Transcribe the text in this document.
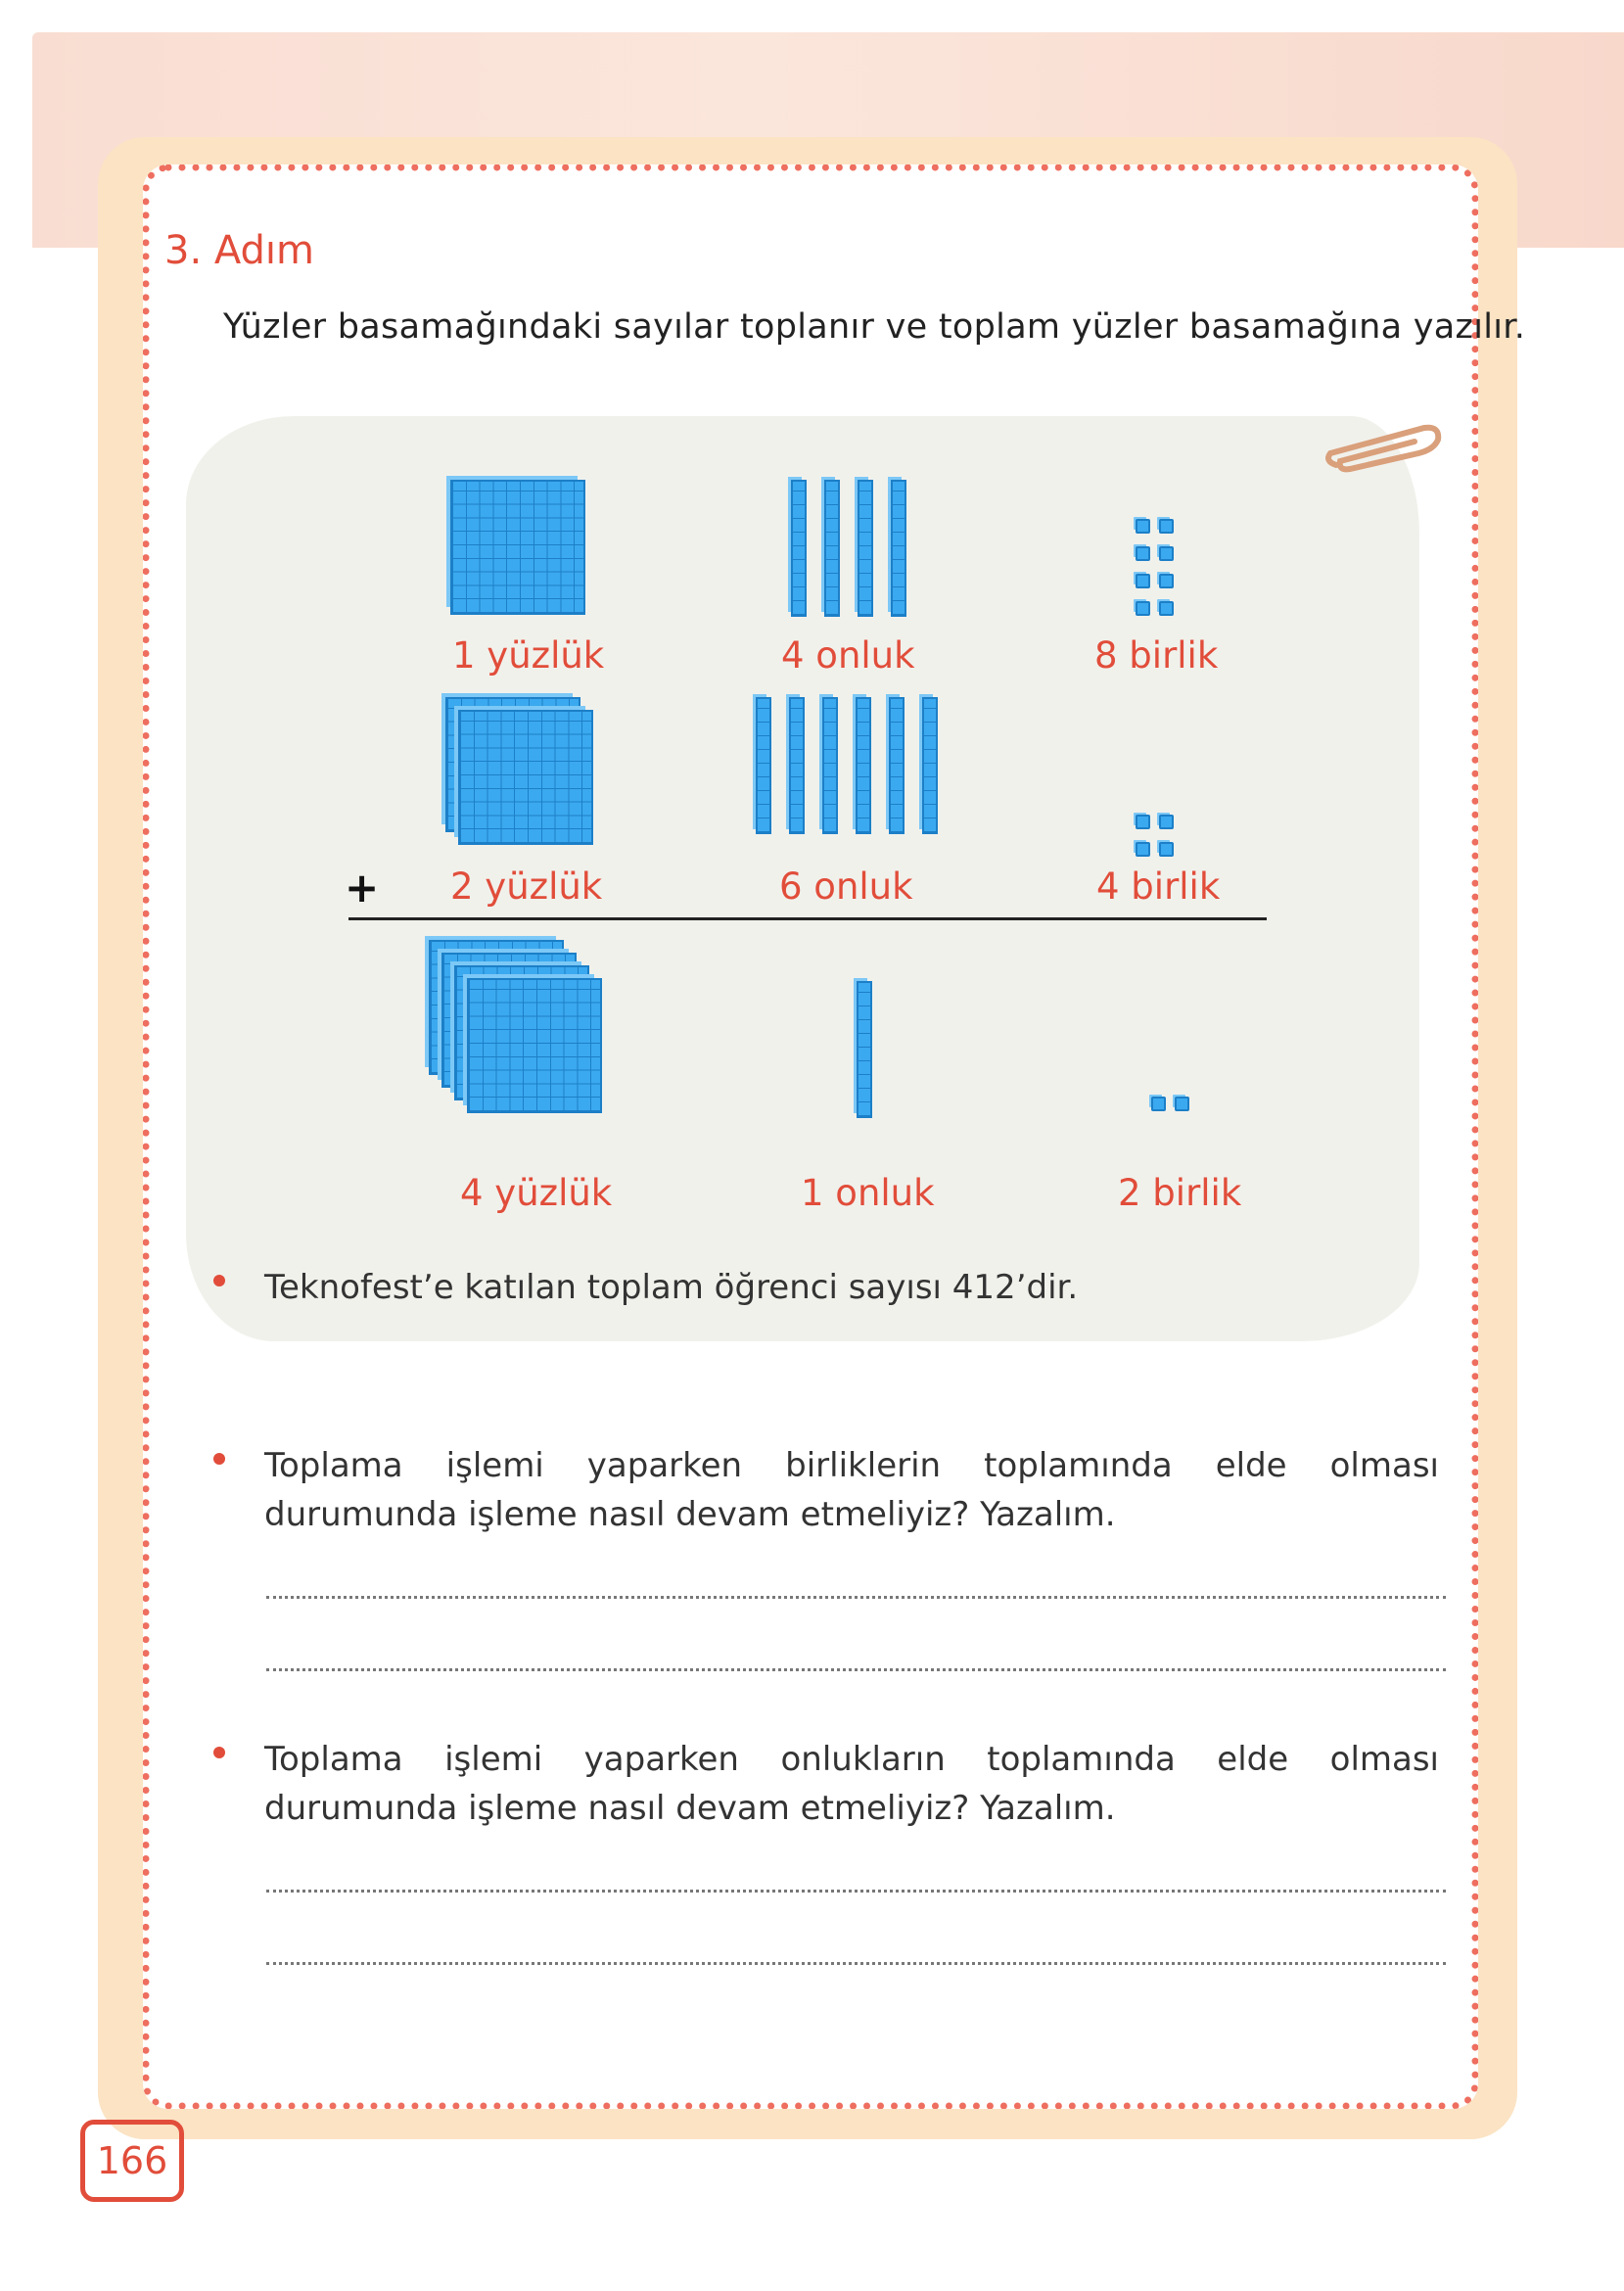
3. Adım
Yüzler basamağındaki sayılar toplanır ve toplam yüzler basamağına yazılır.
1 yüzlük	4 onluk	8 birlik
+ 2 yüzlük	6 onluk	4 birlik
4 yüzlük	1 onluk	2 birlik
Teknofest’e katılan toplam öğrenci sayısı 412’dir.
Toplama işlemi yaparken birliklerin toplamında elde olması durumunda işleme nasıl devam etmeliyiz? Yazalım.
Toplama işlemi yaparken onlukların toplamında elde olması durumunda işleme nasıl devam etmeliyiz? Yazalım.
166
